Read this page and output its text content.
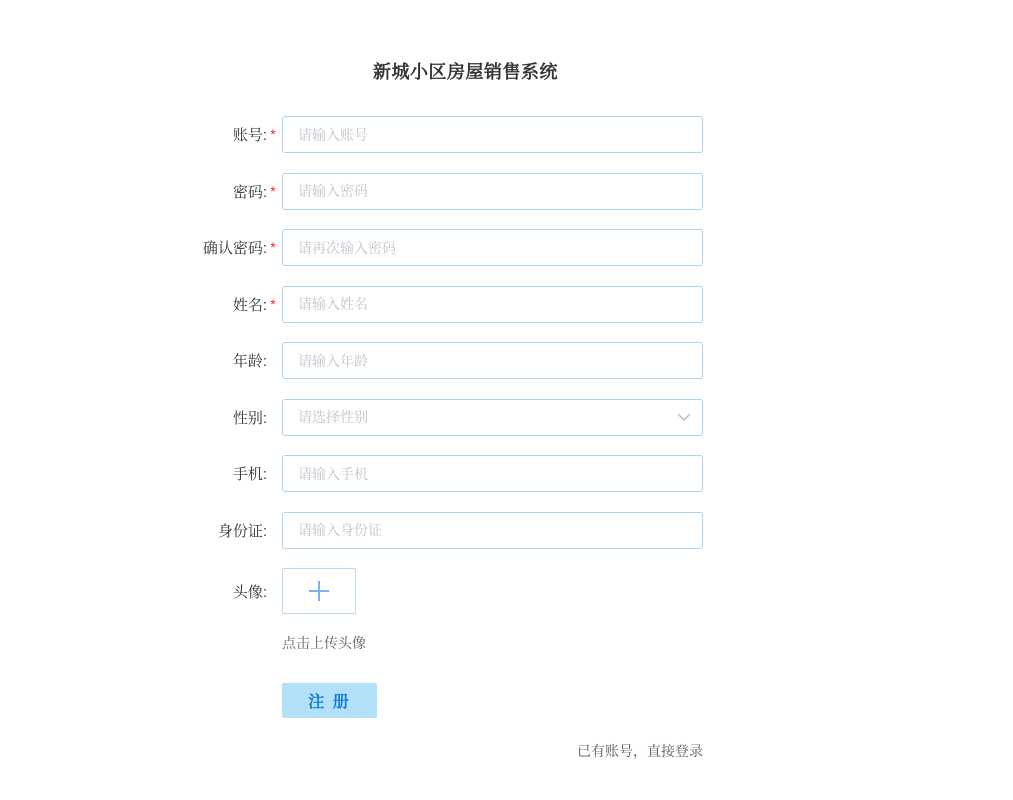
新城小区房屋销售系统
账号: *
请输入账号
密码: *
请输入密码
确认密码: *
请再次输入密码
姓名: *
请输入姓名
年龄:
请输入年龄
性别:
请选择性别
手机:
请输入手机
身份证:
请输入身份证
头像:
点击上传头像
注 册
已有账号，直接登录
